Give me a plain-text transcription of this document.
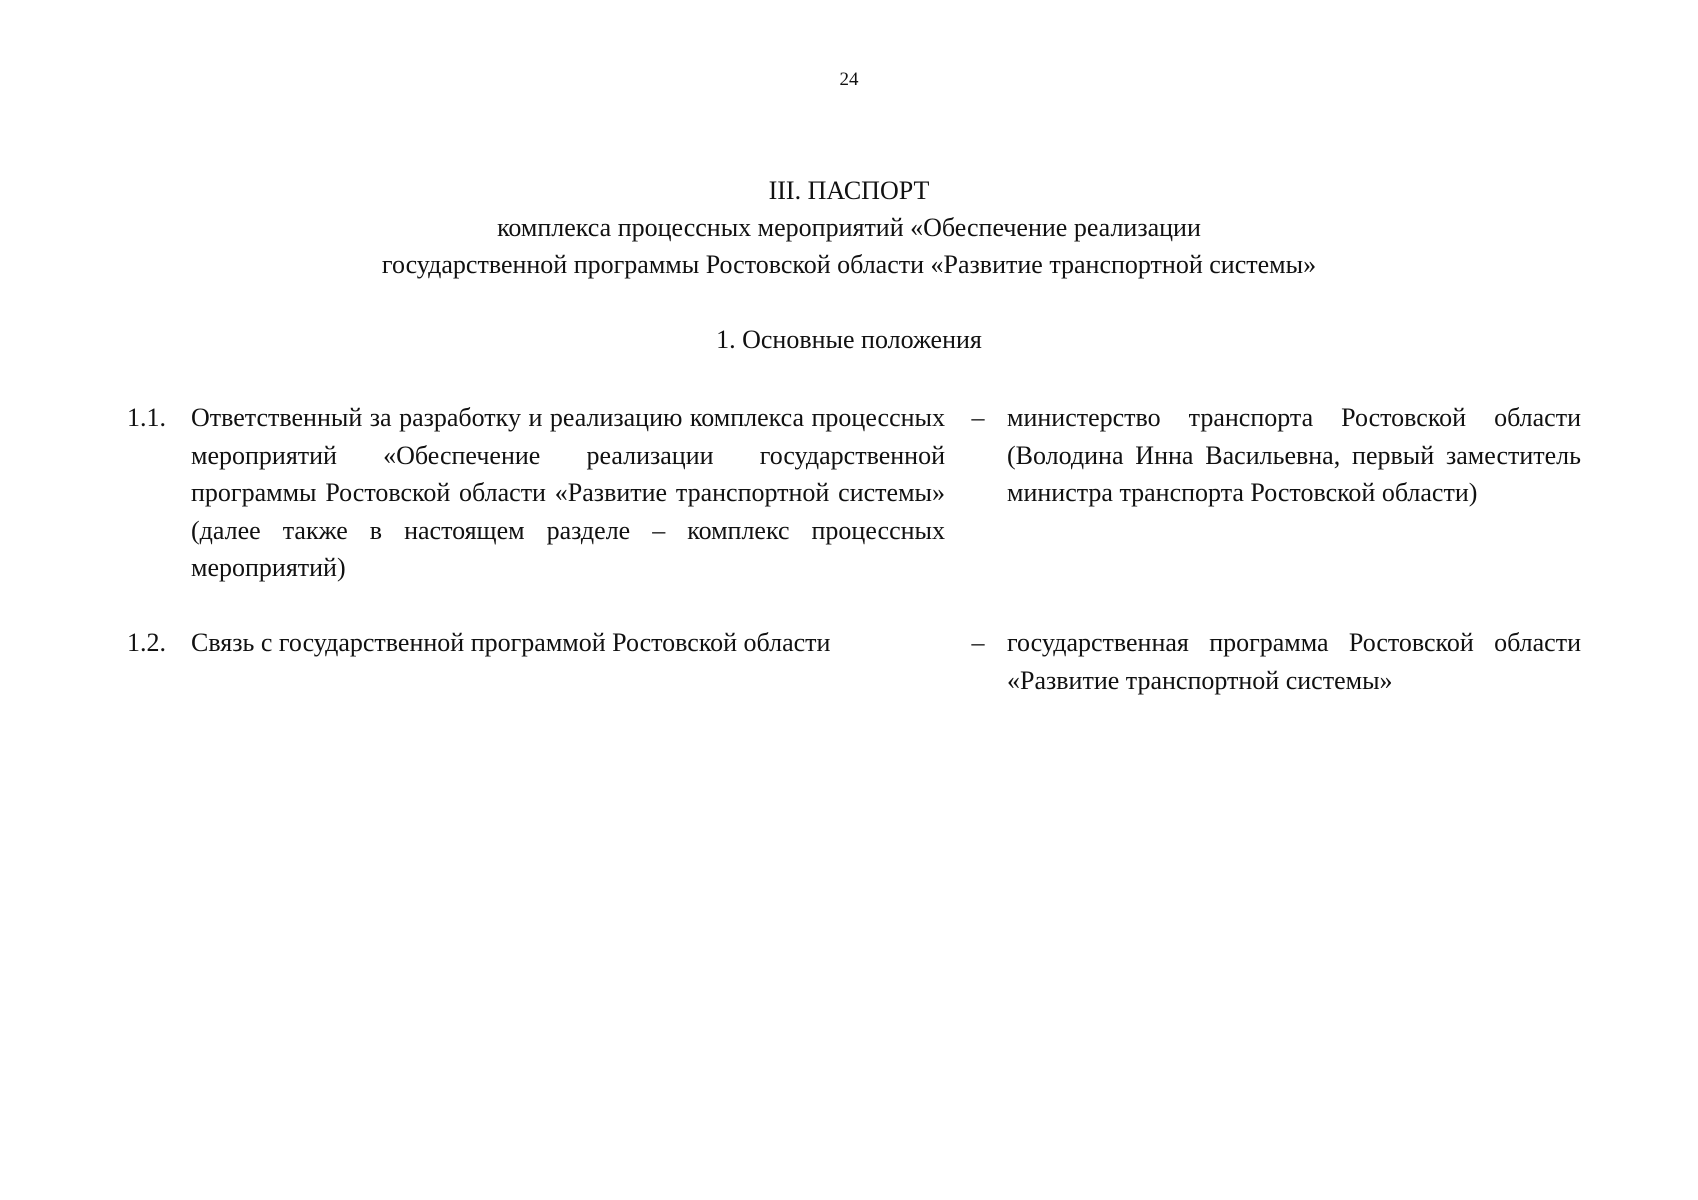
24
III. ПАСПОРТ
комплекса процессных мероприятий «Обеспечение реализации
государственной программы Ростовской области «Развитие транспортной системы»
1. Основные положения
1.1. Ответственный за разработку и реализацию комплекса процессных мероприятий «Обеспечение реализации государственной программы Ростовской области «Развитие транспортной системы» (далее также в настоящем разделе – комплекс процессных мероприятий)
– министерство транспорта Ростовской области (Володина Инна Васильевна, первый заместитель министра транспорта Ростовской области)
1.2. Связь с государственной программой Ростовской области	– государственная программа Ростовской области «Развитие транспортной системы»
